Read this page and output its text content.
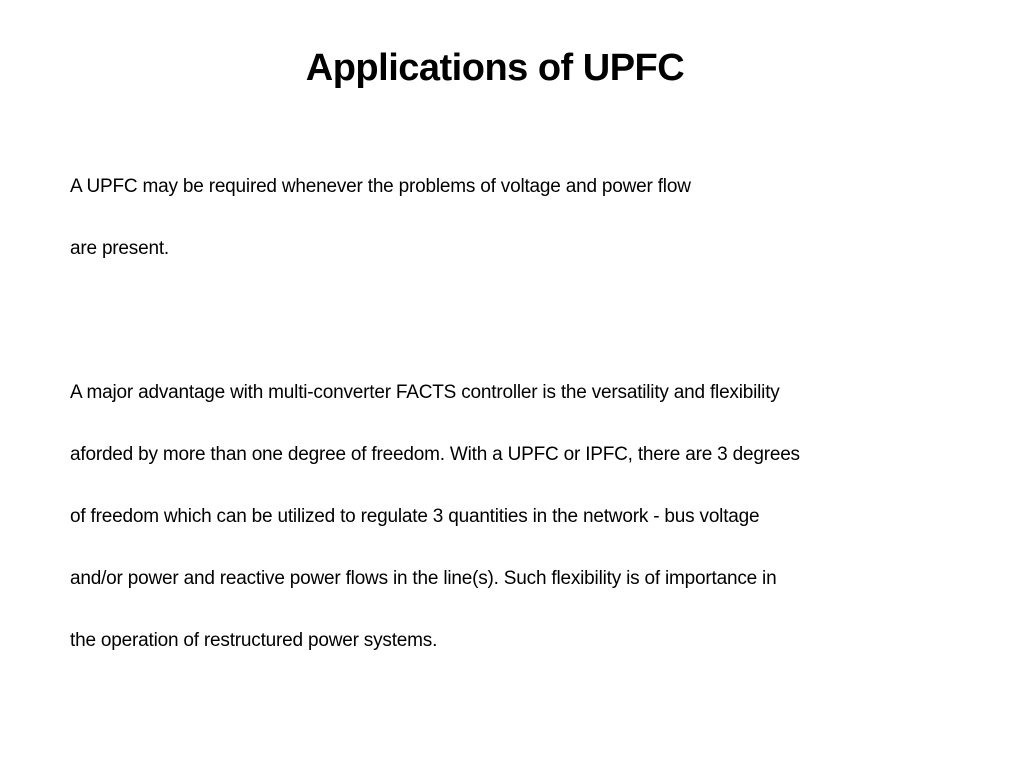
Applications of UPFC
A UPFC may be required whenever the problems of voltage and power flow
are present.
A major advantage with multi-converter FACTS controller is the versatility and flexibility
aforded by more than one degree of freedom. With a UPFC or IPFC, there are 3 degrees
of freedom which can be utilized to regulate 3 quantities in the network - bus voltage
and/or power and reactive power flows in the line(s). Such flexibility is of importance in
the operation of restructured power systems.
